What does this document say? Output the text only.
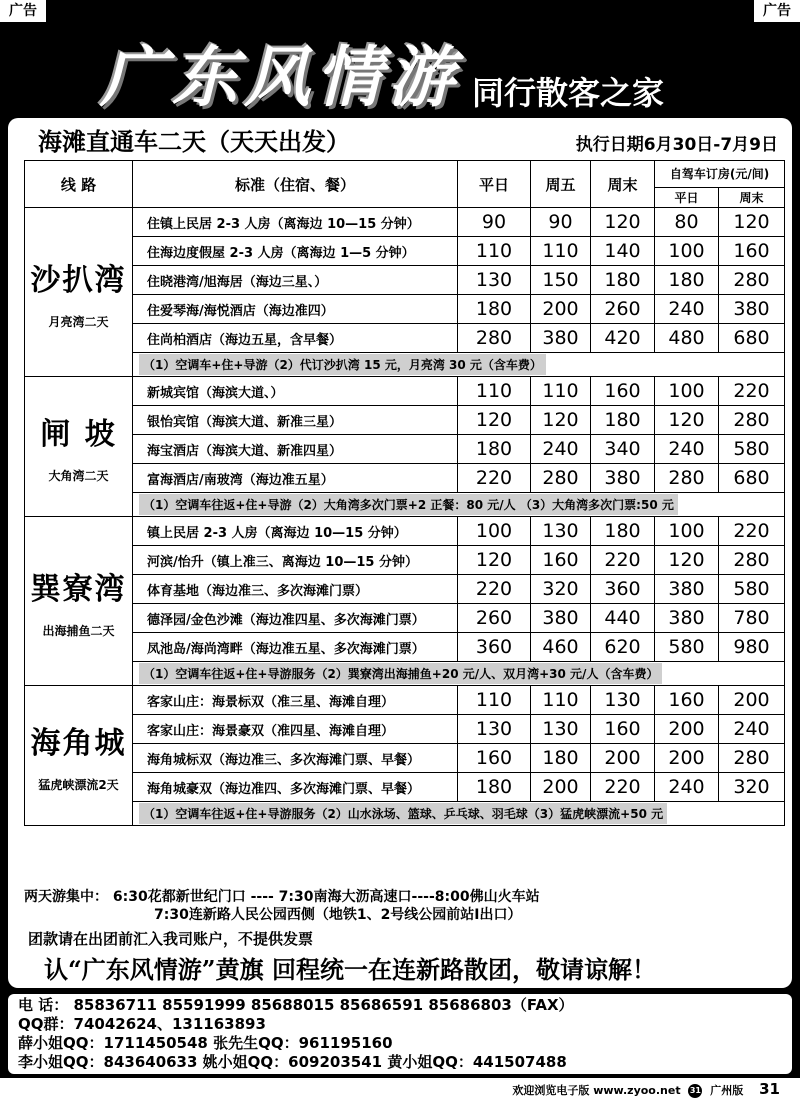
广告	广告
广东风情游 同行散客之家
海滩直通车二天（天天出发）	执行日期6月30日-7月9日
线 路	标准（住宿、餐）	平日	周五	周末	自驾车订房(元/间)	
					平日	周末

沙扒湾
月亮湾二天	住镇上民居 2-3 人房（离海边 10—15 分钟）	90	90	120	80	120
	住海边度假屋 2-3 人房（离海边 1—5 分钟）	110	110	140	100	160
	住晓港湾/旭海居（海边三星、）	130	150	180	180	280
	住爱琴海/海悦酒店（海边准四）	180	200	260	240	380
	住尚柏酒店（海边五星，含早餐）	280	380	420	480	680
	（1）空调车+住+导游（2）代订沙扒湾 15 元，月亮湾 30 元（含车费）					

闸 坡
大角湾二天	新城宾馆（海滨大道、）	110	110	160	100	220
	银怡宾馆（海滨大道、新准三星）	120	120	180	120	280
	海宝酒店（海滨大道、新准四星）	180	240	340	240	580
	富海酒店/南玻湾（海边准五星）	220	280	380	280	680
	（1）空调车往返+住+导游（2）大角湾多次门票+2 正餐：80 元/人 （3）大角湾多次门票:50 元					

巽寮湾
出海捕鱼二天	镇上民居 2-3 人房（离海边 10—15 分钟）	100	130	180	100	220
	河滨/怡升（镇上准三、离海边 10—15 分钟）	120	160	220	120	280
	体育基地（海边准三、多次海滩门票）	220	320	360	380	580
	德泽园/金色沙滩（海边准四星、多次海滩门票）	260	380	440	380	780
	凤池岛/海尚湾畔（海边准五星、多次海滩门票）	360	460	620	580	980
	（1）空调车往返+住+导游服务（2）巽寮湾出海捕鱼+20 元/人、双月湾+30 元/人（含车费）					

海角城
猛虎峡漂流2天	客家山庄：海景标双（准三星、海滩自理）	110	110	130	160	200
	客家山庄：海景豪双（准四星、海滩自理）	130	130	160	200	240
	海角城标双（海边准三、多次海滩门票、早餐）	160	180	200	200	280
	海角城豪双（海边准四、多次海滩门票、早餐）	180	200	220	240	320
	（1）空调车往返+住+导游服务（2）山水泳场、篮球、乒乓球、羽毛球（3）猛虎峡漂流+50 元					
两天游集中： 6:30花都新世纪门口 ---- 7:30南海大沥高速口----8:00佛山火车站
7:30连新路人民公园西侧（地铁1、2号线公园前站I出口）
团款请在出团前汇入我司账户，不提供发票
认“广东风情游”黄旗 回程统一在连新路散团，敬请谅解！
电 话： 85836711 85591999 85688015 85686591 85686803（FAX）
QQ群：74042624、131163893
薛小姐QQ：1711450548 张先生QQ：961195160
李小姐QQ：843640633 姚小姐QQ：609203541 黄小姐QQ：441507488
欢迎浏览电子版 www.zyoo.net 31 广州版 31
